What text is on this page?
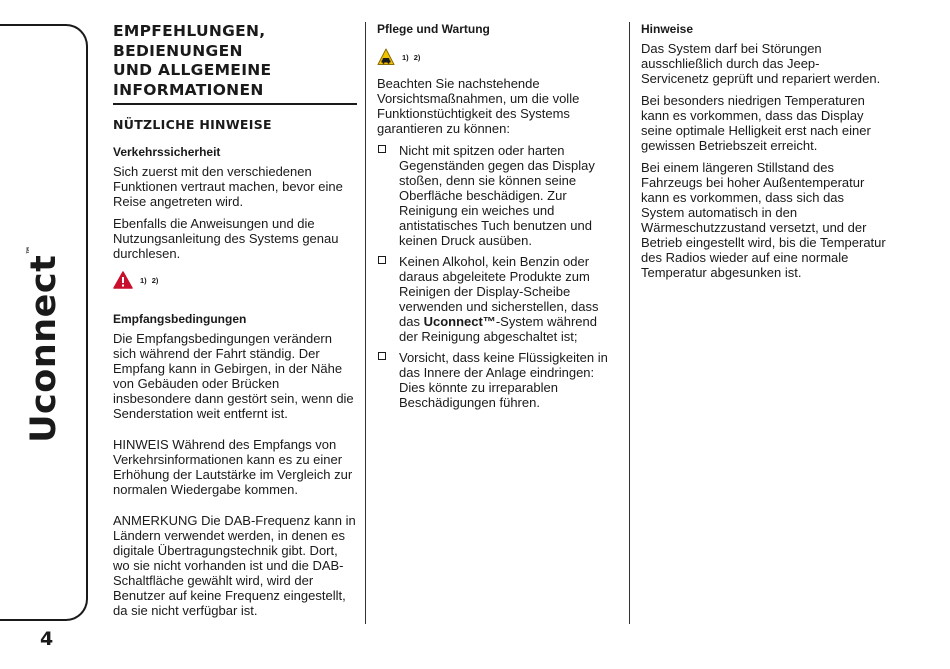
Uconnect™
4
EMPFEHLUNGEN,
BEDIENUNGEN
UND ALLGEMEINE
INFORMATIONEN
NÜTZLICHE HINWEISE
Verkehrssicherheit

Sich zuerst mit den verschiedenen Funktionen vertraut machen, bevor eine Reise angetreten wird.

Ebenfalls die Anweisungen und die Nutzungsanleitung des Systems genau durchlesen.

1) 2)
Empfangsbedingungen

Die Empfangsbedingungen verändern sich während der Fahrt ständig. Der Empfang kann in Gebirgen, in der Nähe von Gebäuden oder Brücken insbesondere dann gestört sein, wenn die Senderstation weit entfernt ist.

HINWEIS Während des Empfangs von Verkehrsinformationen kann es zu einer Erhöhung der Lautstärke im Vergleich zur normalen Wiedergabe kommen.

ANMERKUNG Die DAB-Frequenz kann in Ländern verwendet werden, in denen es digitale Übertragungstechnik gibt. Dort, wo sie nicht vorhanden ist und die DAB-Schaltfläche gewählt wird, wird der Benutzer auf keine Frequenz eingestellt, da sie nicht verfügbar ist.

Pflege und Wartung
1) 2)

Beachten Sie nachstehende Vorsichtsmaßnahmen, um die volle Funktionstüchtigkeit des Systems garantieren zu können:

Nicht mit spitzen oder harten Gegenständen gegen das Display stoßen, denn sie können seine Oberfläche beschädigen. Zur Reinigung ein weiches und antistatisches Tuch benutzen und keinen Druck ausüben.
Keinen Alkohol, kein Benzin oder daraus abgeleitete Produkte zum Reinigen der Display-Scheibe verwenden und sicherstellen, dass das Uconnect™-System während der Reinigung abgeschaltet ist;
Vorsicht, dass keine Flüssigkeiten in das Innere der Anlage eindringen: Dies könnte zu irreparablen Beschädigungen führen.
Hinweise

Das System darf bei Störungen ausschließlich durch das Jeep-Servicenetz geprüft und repariert werden.

Bei besonders niedrigen Temperaturen kann es vorkommen, dass das Display seine optimale Helligkeit erst nach einer gewissen Betriebszeit erreicht.

Bei einem längeren Stillstand des Fahrzeugs bei hoher Außentemperatur kann es vorkommen, dass sich das System automatisch in den Wärmeschutzzustand versetzt, und der Betrieb eingestellt wird, bis die Temperatur des Radios wieder auf eine normale Temperatur abgesunken ist.
